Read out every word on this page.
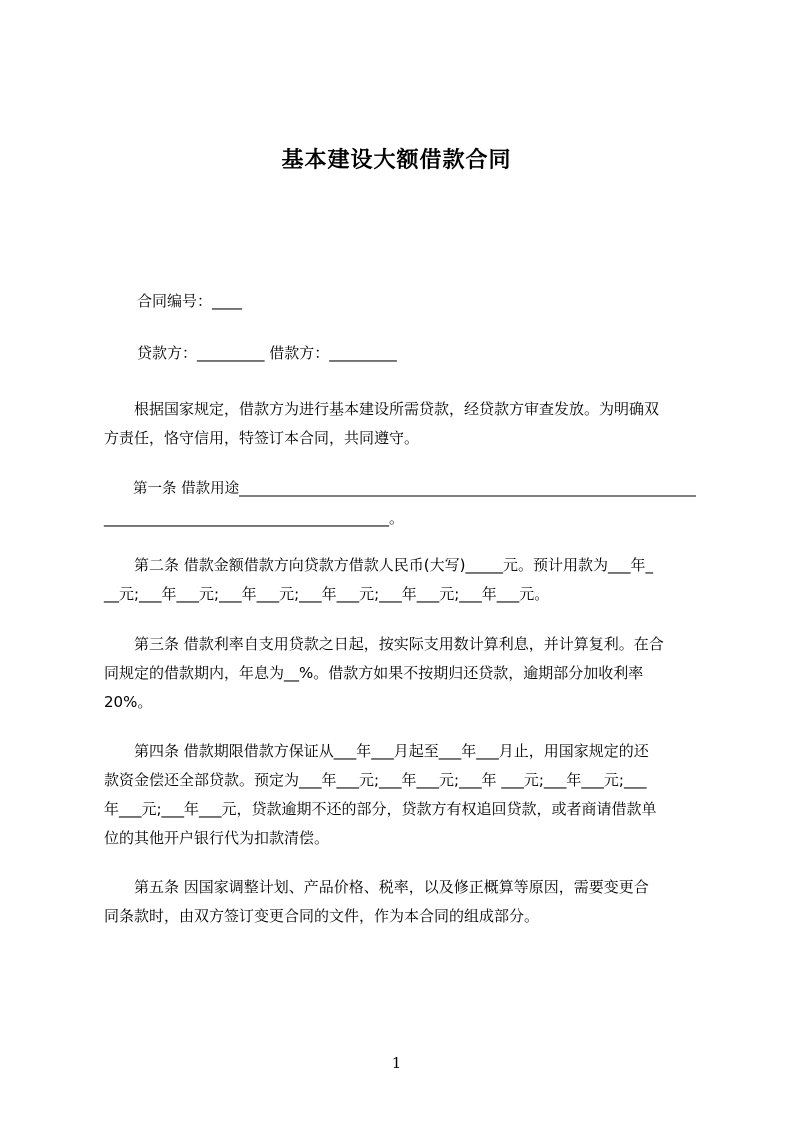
基本建设大额借款合同
合同编号：____
贷款方：_________ 借款方：_________

　　根据国家规定，借款方为进行基本建设所需贷款，经贷款方审查发放。为明确双

方责任，恪守信用，特签订本合同，共同遵守。

　　第一条 借款用途_______________________________________________________________

______________________________________。

　　第二条 借款金额借款方向贷款方借款人民币(大写)_____元。预计用款为___年_

__元;___年___元;___年___元;___年___元;___年___元;___年___元。

　　第三条 借款利率自支用贷款之日起，按实际支用数计算利息，并计算复利。在合

同规定的借款期内，年息为__%。借款方如果不按期归还贷款，逾期部分加收利率

20%。

　　第四条 借款期限借款方保证从___年___月起至___年___月止，用国家规定的还

款资金偿还全部贷款。预定为___年___元;___年___元;___年 ___元;___年___元;___

年___元;___年___元，贷款逾期不还的部分，贷款方有权追回贷款，或者商请借款单

位的其他开户银行代为扣款清偿。

　　第五条 因国家调整计划、产品价格、税率，以及修正概算等原因，需要变更合

同条款时，由双方签订变更合同的文件，作为本合同的组成部分。

1
